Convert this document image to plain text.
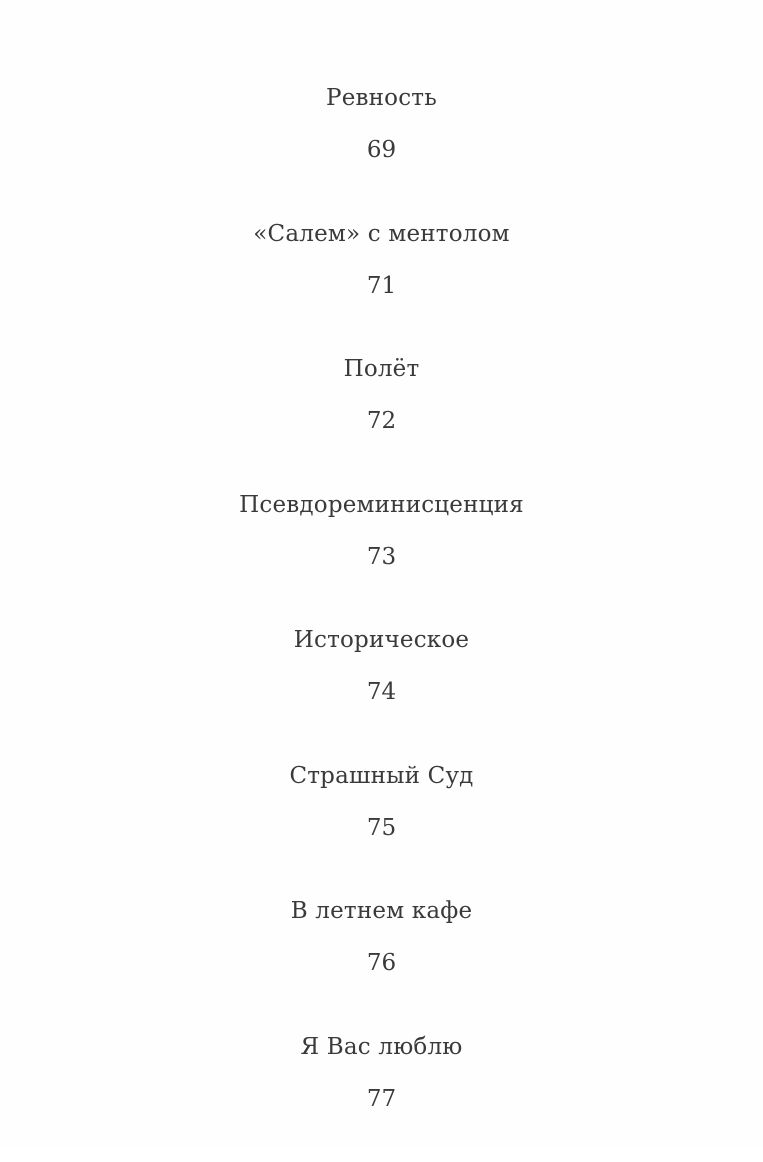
Ревность
69
«Салем» с ментолом
71
Полёт
72
Псевдореминисценция
73
Историческое
74
Страшный Суд
75
В летнем кафе
76
Я Вас люблю
77
